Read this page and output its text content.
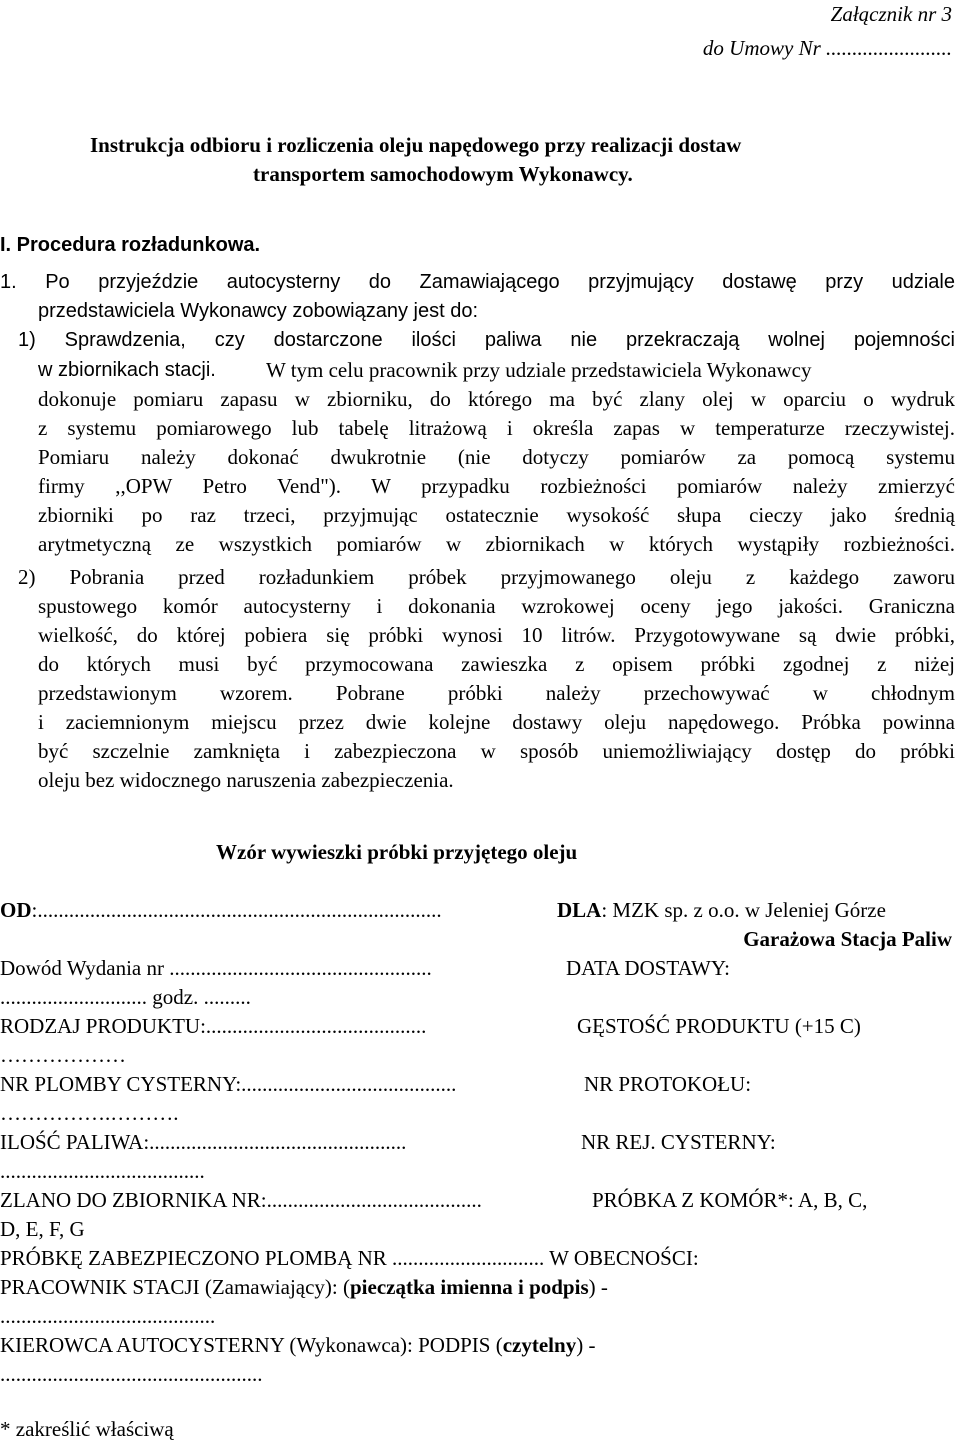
Załącznik nr 3
do Umowy Nr ........................
Instrukcja odbioru i rozliczenia oleju napędowego przy realizacji dostaw
transportem samochodowym Wykonawcy.
I. Procedura rozładunkowa.
1. Po przyjeździe autocysterny do Zamawiającego przyjmujący dostawę przy udziale
przedstawiciela Wykonawcy zobowiązany jest do:
1) Sprawdzenia, czy dostarczone ilości paliwa nie przekraczają wolnej pojemności
w zbiornikach stacji. W tym celu pracownik przy udziale przedstawiciela Wykonawcy
dokonuje pomiaru zapasu w zbiorniku, do którego ma być zlany olej w oparciu o wydruk
z systemu pomiarowego lub tabelę litrażową i określa zapas w temperaturze rzeczywistej.
Pomiaru należy dokonać dwukrotnie (nie dotyczy pomiarów za pomocą systemu
firmy ,,OPW Petro Vend"). W przypadku rozbieżności pomiarów należy zmierzyć
zbiorniki po raz trzeci, przyjmując ostatecznie wysokość słupa cieczy jako średnią
arytmetyczną ze wszystkich pomiarów w zbiornikach w których wystąpiły rozbieżności.
2) Pobrania przed rozładunkiem próbek przyjmowanego oleju z każdego zaworu
spustowego komór autocysterny i dokonania wzrokowej oceny jego jakości. Graniczna
wielkość, do której pobiera się próbki wynosi 10 litrów. Przygotowywane są dwie próbki,
do których musi być przymocowana zawieszka z opisem próbki zgodnej z niżej
przedstawionym wzorem. Pobrane próbki należy przechowywać w chłodnym
i zaciemnionym miejscu przez dwie kolejne dostawy oleju napędowego. Próbka powinna
być szczelnie zamknięta i zabezpieczona w sposób uniemożliwiający dostęp do próbki
oleju bez widocznego naruszenia zabezpieczenia.
Wzór wywieszki próbki przyjętego oleju
OD:.............................................................................	DLA: MZK sp. z o.o. w Jeleniej Górze
Garażowa Stacja Paliw
Dowód Wydania nr ..................................................	DATA DOSTAWY:
............................ godz. .........
RODZAJ PRODUKTU:..........................................	GĘSTOŚĆ PRODUKTU (+15 C)
………………
NR PLOMBY CYSTERNY:.........................................	NR PROTOKOŁU:
…………….……….
ILOŚĆ PALIWA:.................................................	NR REJ. CYSTERNY:
.......................................
ZLANO DO ZBIORNIKA NR:.........................................	PRÓBKA Z KOMÓR*: A, B, C,
D, E, F, G
PRÓBKĘ ZABEZPIECZONO PLOMBĄ NR ............................. W OBECNOŚCI:
PRACOWNIK STACJI (Zamawiający): (pieczątka imienna i podpis) -
.........................................
KIEROWCA AUTOCYSTERNY (Wykonawca): PODPIS (czytelny) -
..................................................
* zakreślić właściwą
